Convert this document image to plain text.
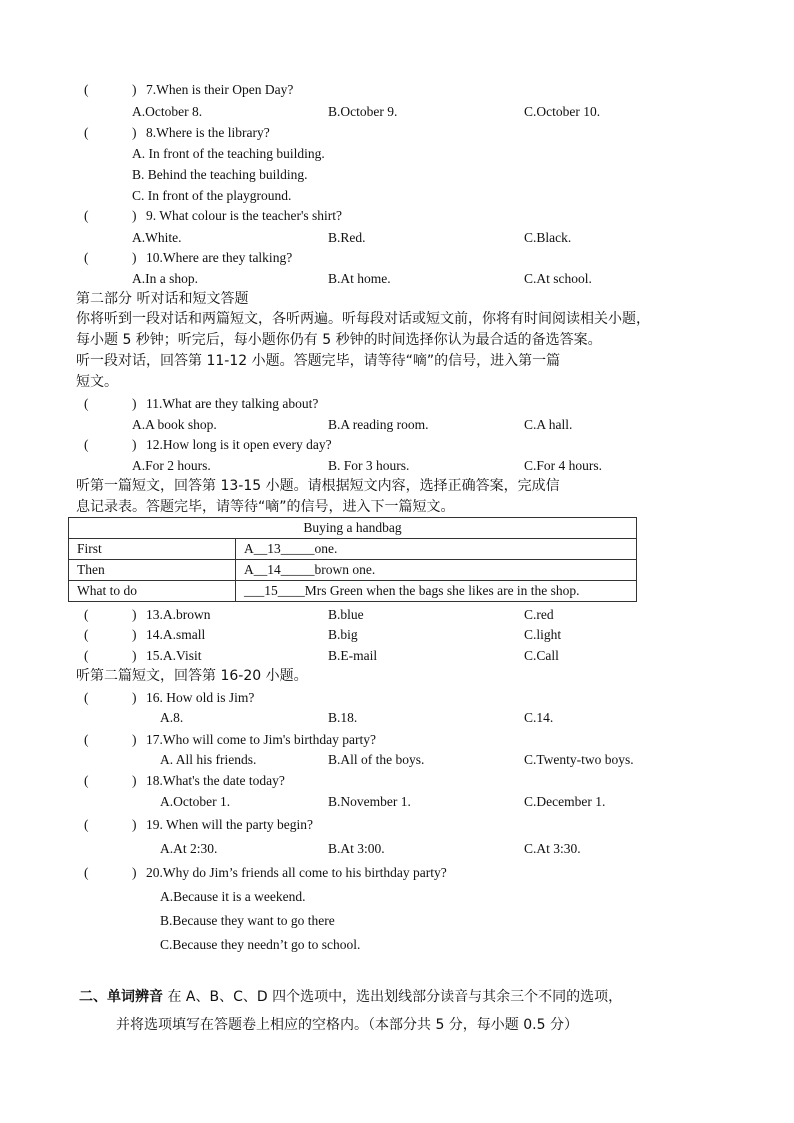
(	) 7.When is their Open Day?
A.October 8.	B.October 9.	C.October 10.
(	) 8.Where is the library?
A. In front of the teaching building.
B. Behind the teaching building.
C. In front of the playground.
(	) 9. What colour is the teacher's shirt?
A.White.	B.Red.	C.Black.
(	) 10.Where are they talking?
A.In a shop.	B.At home.	C.At school.
第二部分 听对话和短文答题
你将听到一段对话和两篇短文，各听两遍。听每段对话或短文前，你将有时间阅读相关小题，
每小题 5 秒钟；听完后，每小题你仍有 5 秒钟的时间选择你认为最合适的备选答案。
听一段对话，回答第 11-12 小题。答题完毕，请等待“嘀”的信号，进入第一篇
短文。
(	) 11.What are they talking about?
A.A book shop.	B.A reading room.	C.A hall.
(	) 12.How long is it open every day?
A.For 2 hours.	B. For 3 hours.	C.For 4 hours.
听第一篇短文，回答第 13-15 小题。请根据短文内容，选择正确答案，完成信
息记录表。答题完毕，请等待“嘀”的信号，进入下一篇短文。
Buying a handbag	
First	A__13_____one.
Then	A__14_____brown one.
What to do	___15____Mrs Green when the bags she likes are in the shop.
(	) 13.A.brown	B.blue	C.red
(	) 14.A.small	B.big	C.light
(	) 15.A.Visit	B.E-mail	C.Call
听第二篇短文，回答第 16-20 小题。
(	) 16. How old is Jim?
A.8.	B.18.	C.14.
(	) 17.Who will come to Jim's birthday party?
A. All his friends.	B.All of the boys.	C.Twenty-two boys.
(	) 18.What's the date today?
A.October 1.	B.November 1.	C.December 1.
(	) 19. When will the party begin?
A.At 2:30.	B.At 3:00.	C.At 3:30.
(	) 20.Why do Jim’s friends all come to his birthday party?
A.Because it is a weekend.
B.Because they want to go there
C.Because they needn’t go to school.
二、单词辨音 在 A、B、C、D 四个选项中，选出划线部分读音与其余三个不同的选项，
并将选项填写在答题卷上相应的空格内。（本部分共 5 分，每小题 0.5 分）
